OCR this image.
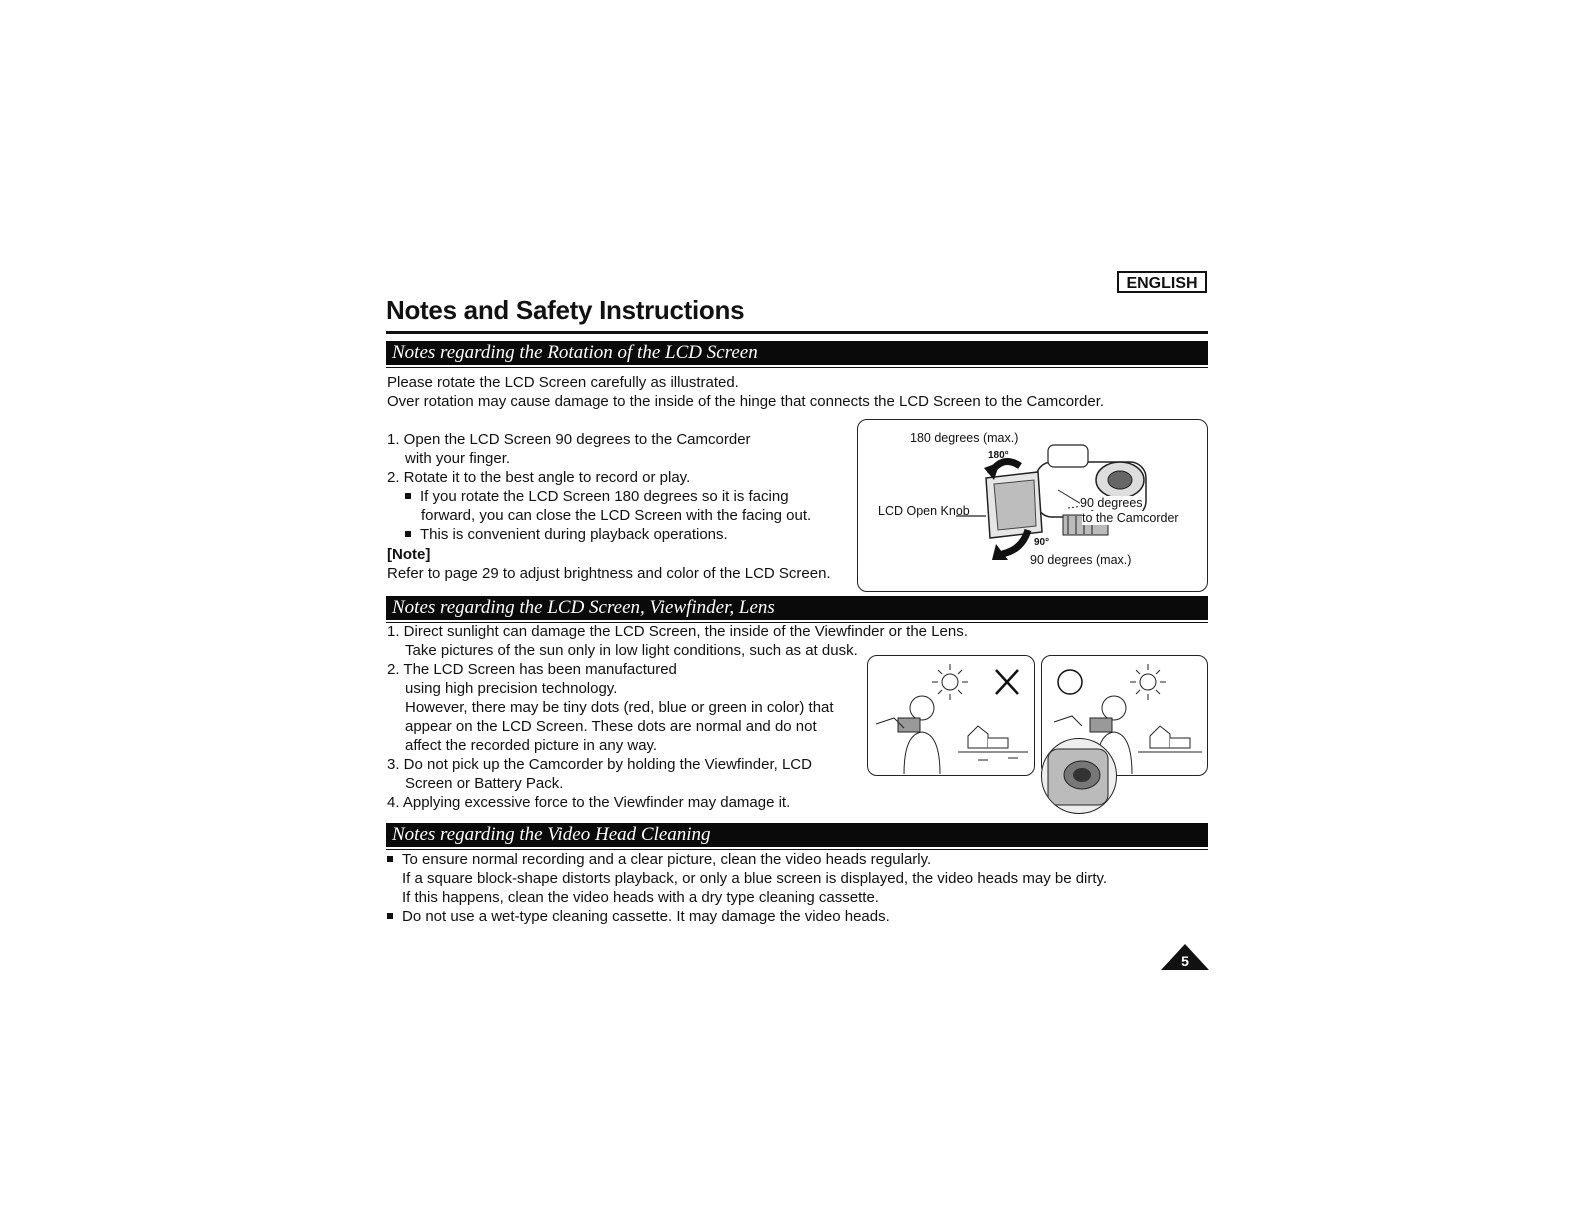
ENGLISH
Notes and Safety Instructions
Notes regarding the Rotation of the LCD Screen
Please rotate the LCD Screen carefully as illustrated.
Over rotation may cause damage to the inside of the hinge that connects the LCD Screen to the Camcorder.
1. Open the LCD Screen 90 degrees to the Camcorder
with your finger.
2. Rotate it to the best angle to record or play.
If you rotate the LCD Screen 180 degrees so it is facing
forward, you can close the LCD Screen with the facing out.
This is convenient during playback operations.
[Note]
Refer to page 29 to adjust brightness and color of the LCD Screen.
180 degrees (max.)
180°
LCD Open Knob
90 degrees
to the Camcorder
90°
90 degrees (max.)
Notes regarding the LCD Screen, Viewfinder, Lens
1. Direct sunlight can damage the LCD Screen, the inside of the Viewfinder or the Lens.
Take pictures of the sun only in low light conditions, such as at dusk.
2. The LCD Screen has been manufactured
using high precision technology.
However, there may be tiny dots (red, blue or green in color) that
appear on the LCD Screen. These dots are normal and do not
affect the recorded picture in any way.
3. Do not pick up the Camcorder by holding the Viewfinder, LCD
Screen or Battery Pack.
4. Applying excessive force to the Viewfinder may damage it.
Notes regarding the Video Head Cleaning
To ensure normal recording and a clear picture, clean the video heads regularly.
If a square block-shape distorts playback, or only a blue screen is displayed, the video heads may be dirty.
If this happens, clean the video heads with a dry type cleaning cassette.
Do not use a wet-type cleaning cassette. It may damage the video heads.
5
